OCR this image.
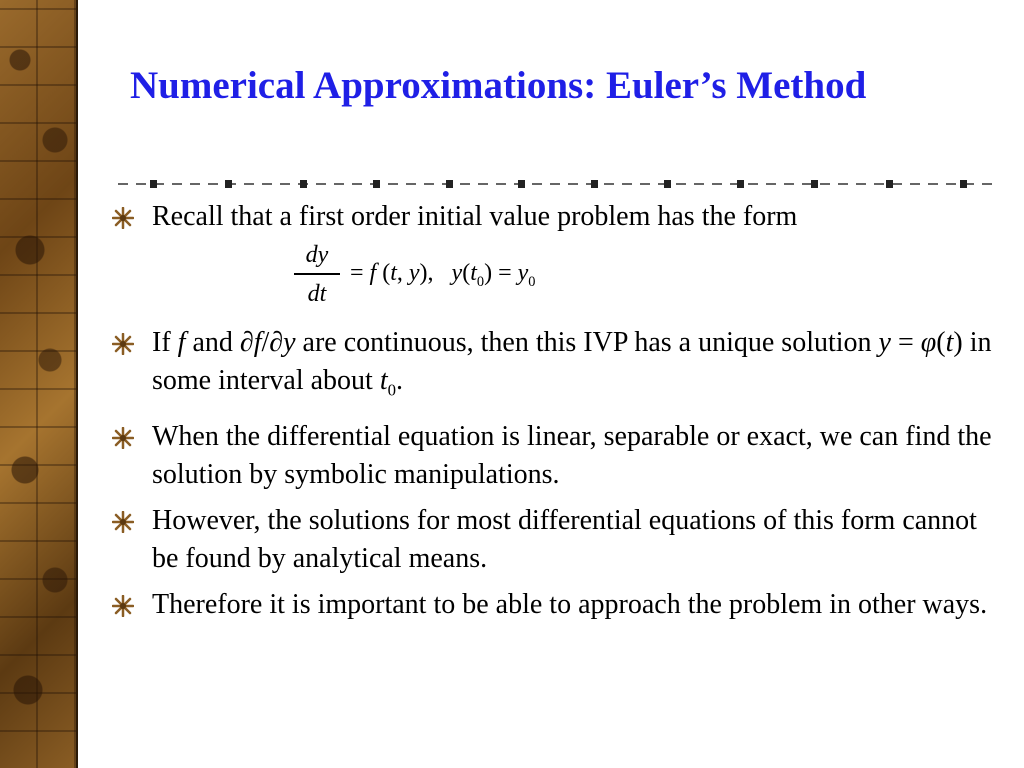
Numerical Approximations: Euler’s Method
Recall that a first order initial value problem has the form
dy
dt
= f (t, y),   $y(t_0) = y_0$
If f and ∂f/∂y are continuous, then this IVP has a unique solution y = φ(t) in some interval about $t_0$.
When the differential equation is linear, separable or exact, we can find the solution by symbolic manipulations.
However, the solutions for most differential equations of this form cannot be found by analytical means.
Therefore it is important to be able to approach the problem in other ways.
